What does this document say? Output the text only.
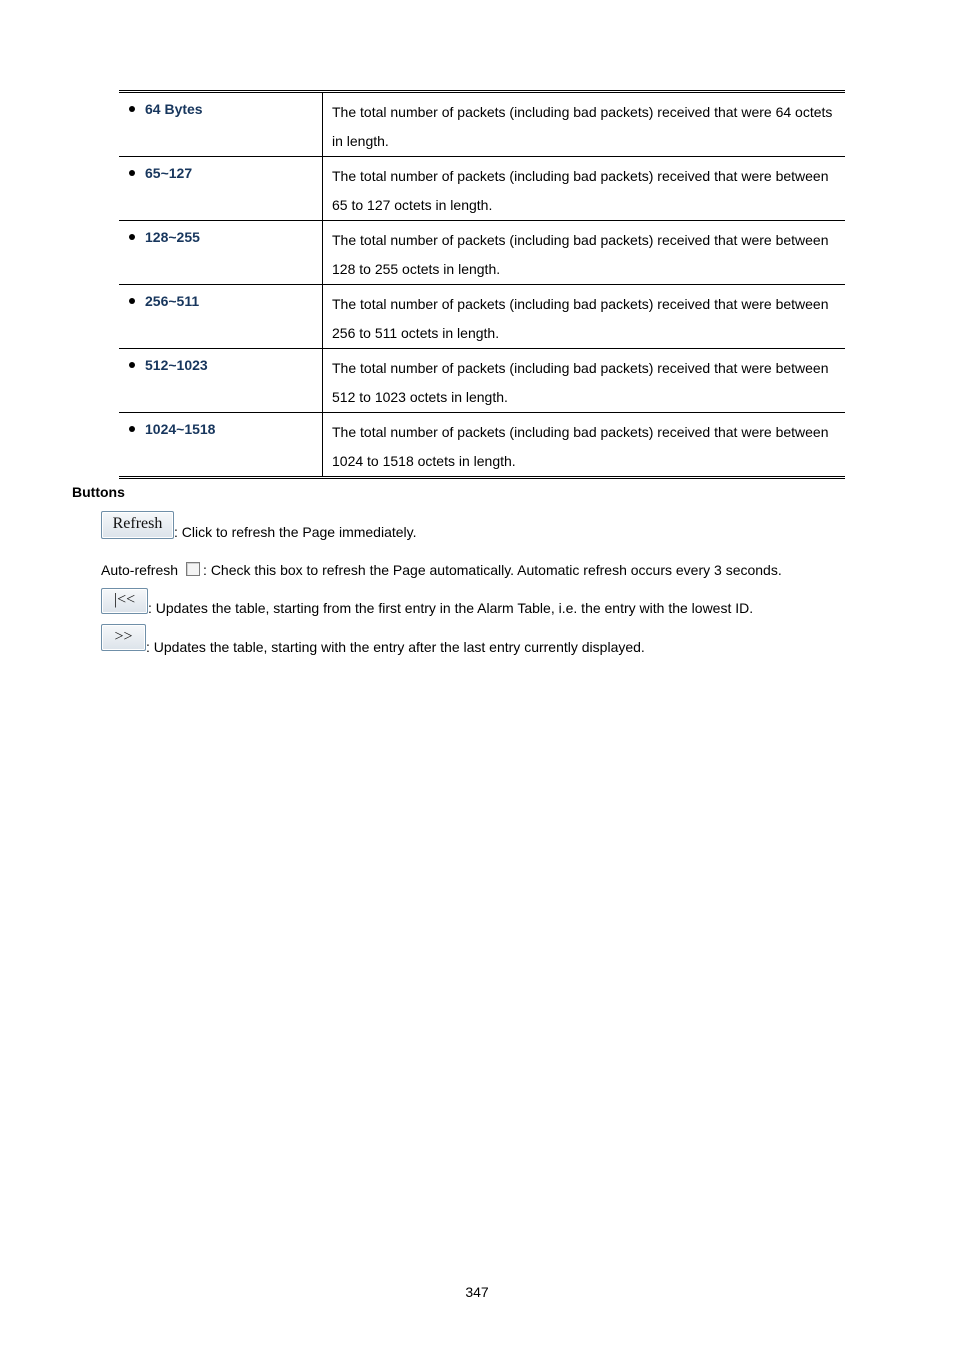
64 Bytes	The total number of packets (including bad packets) received that were 64 octets
in length.
65~127	The total number of packets (including bad packets) received that were between
65 to 127 octets in length.
128~255	The total number of packets (including bad packets) received that were between
128 to 255 octets in length.
256~511	The total number of packets (including bad packets) received that were between
256 to 511 octets in length.
512~1023	The total number of packets (including bad packets) received that were between
512 to 1023 octets in length.
1024~1518	The total number of packets (including bad packets) received that were between
1024 to 1518 octets in length.
Buttons
Refresh : Click to refresh the Page immediately.
Auto-refresh : Check this box to refresh the Page automatically. Automatic refresh occurs every 3 seconds.
|<< : Updates the table, starting from the first entry in the Alarm Table, i.e. the entry with the lowest ID.
>>: Updates the table, starting with the entry after the last entry currently displayed.
347
